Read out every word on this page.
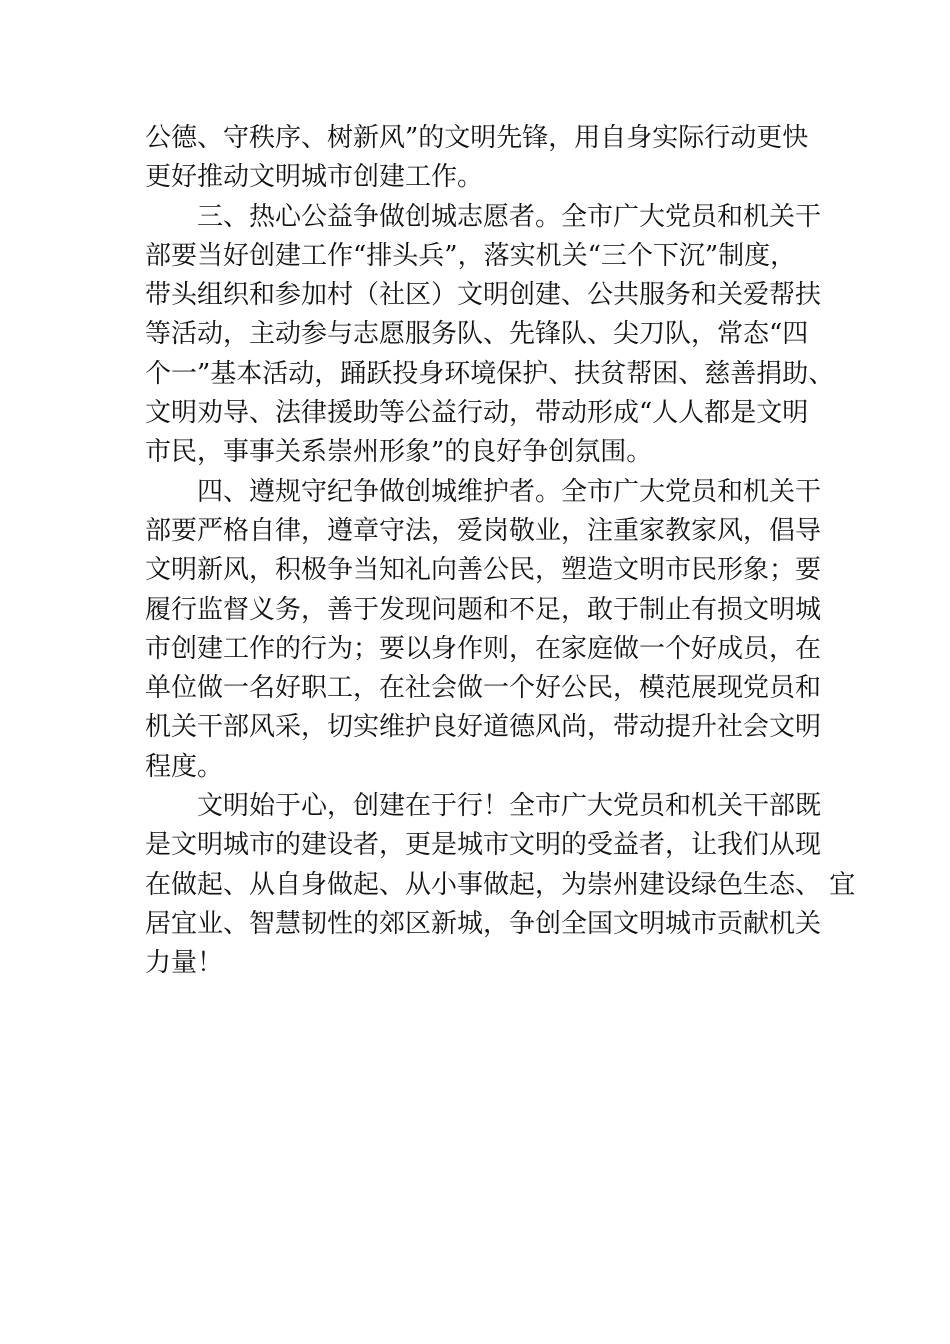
公德、守秩序、树新风”的文明先锋，用自身实际行动更快
更好推动文明城市创建工作。
　　三、热心公益争做创城志愿者。全市广大党员和机关干
部要当好创建工作“排头兵”，落实机关“三个下沉”制度，
带头组织和参加村（社区）文明创建、公共服务和关爱帮扶
等活动，主动参与志愿服务队、先锋队、尖刀队，常态“四
个一”基本活动，踊跃投身环境保护、扶贫帮困、慈善捐助、
文明劝导、法律援助等公益行动，带动形成“人人都是文明
市民，事事关系崇州形象”的良好争创氛围。
　　四、遵规守纪争做创城维护者。全市广大党员和机关干
部要严格自律，遵章守法，爱岗敬业，注重家教家风，倡导
文明新风，积极争当知礼向善公民，塑造文明市民形象；要
履行监督义务，善于发现问题和不足，敢于制止有损文明城
市创建工作的行为；要以身作则，在家庭做一个好成员，在
单位做一名好职工，在社会做一个好公民，模范展现党员和
机关干部风采，切实维护良好道德风尚，带动提升社会文明
程度。
　　文明始于心，创建在于行！全市广大党员和机关干部既
是文明城市的建设者，更是城市文明的受益者，让我们从现
在做起、从自身做起、从小事做起，为崇州建设绿色生态、 宜
居宜业、智慧韧性的郊区新城，争创全国文明城市贡献机关
力量！
